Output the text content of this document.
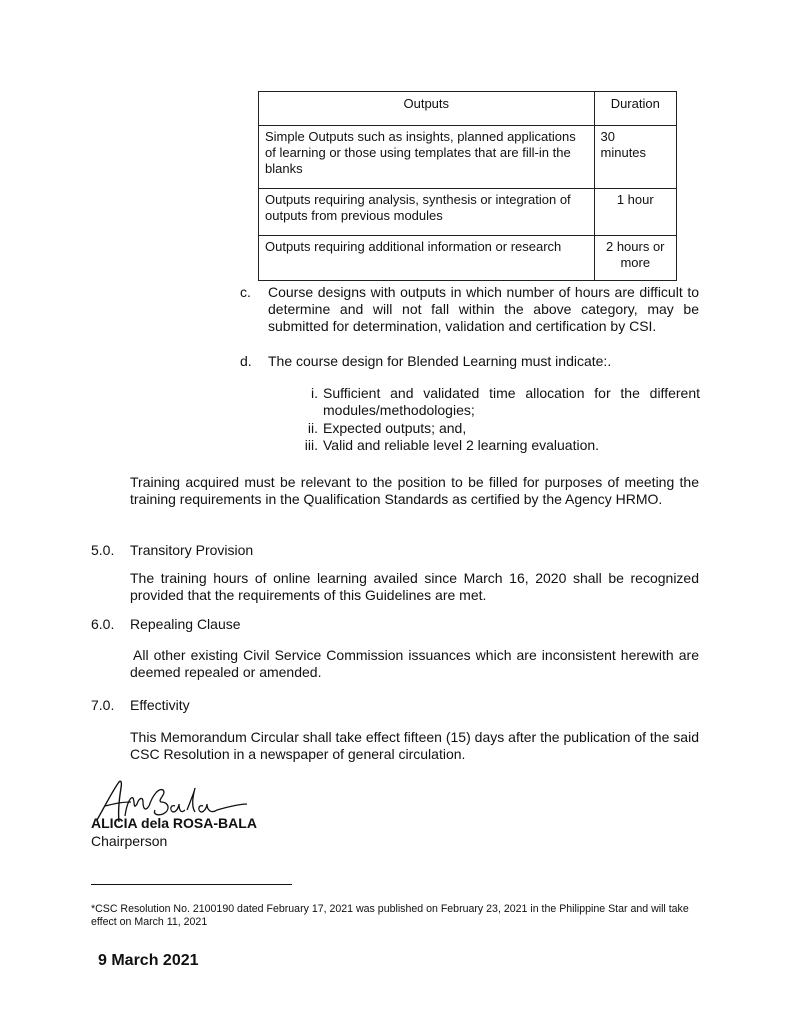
Outputs	Duration
Simple Outputs such as insights, planned applications of learning or those using templates that are fill-in the blanks	30
minutes

Outputs requiring analysis, synthesis or integration of outputs from previous modules	1 hour

Outputs requiring additional information or research	2 hours or
more
c.	Course designs with outputs in which number of hours are difficult to determine and will not fall within the above category, may be submitted for determination, validation and certification by CSI.
d.	The course design for Blended Learning must indicate:.
i. Sufficient and validated time allocation for the different modules/methodologies;
ii. Expected outputs; and,
iii. Valid and reliable level 2 learning evaluation.
Training acquired must be relevant to the position to be filled for purposes of meeting the training requirements in the Qualification Standards as certified by the Agency HRMO.
5.0. Transitory Provision
The training hours of online learning availed since March 16, 2020 shall be recognized provided that the requirements of this Guidelines are met.
6.0. Repealing Clause
All other existing Civil Service Commission issuances which are inconsistent herewith are deemed repealed or amended.
7.0. Effectivity
This Memorandum Circular shall take effect fifteen (15) days after the publication of the said CSC Resolution in a newspaper of general circulation.
ALICIA dela ROSA-BALA
Chairperson
*CSC Resolution No. 2100190 dated February 17, 2021 was published on February 23, 2021 in the Philippine Star and will take effect on March 11, 2021
9 March 2021
